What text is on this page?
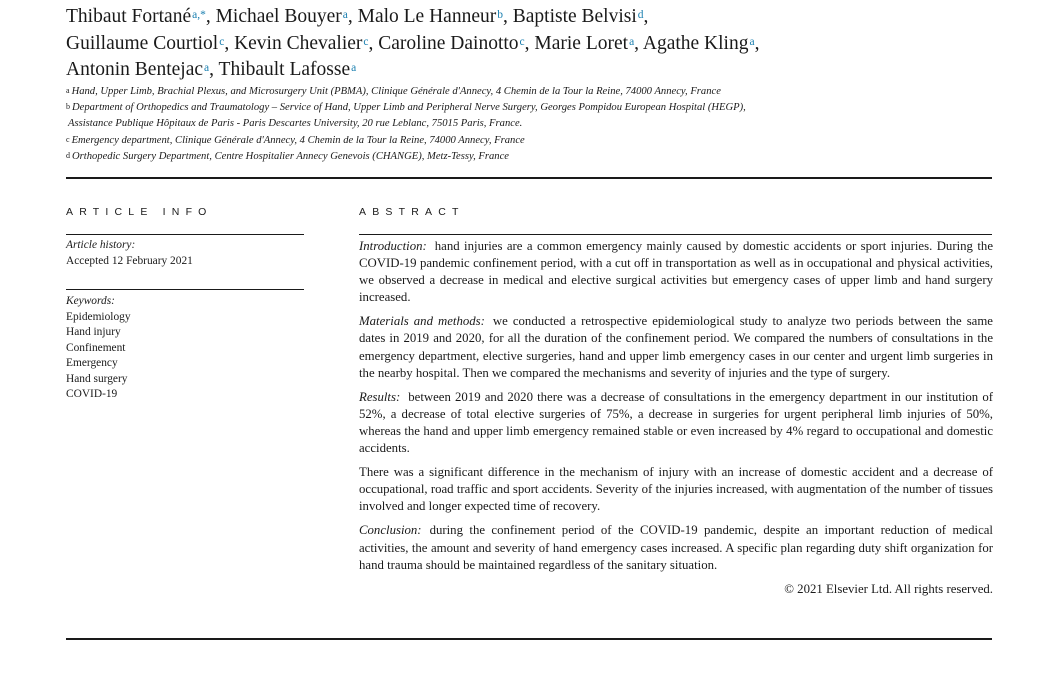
Thibaut Fortané$^{a,*}$, Michael Bouyer$^a$, Malo Le Hanneur$^b$, Baptiste Belvisi$^d$,
Guillaume Courtiol$^c$, Kevin Chevalier$^c$, Caroline Dainotto$^c$, Marie Loret$^a$, Agathe Kling$^a$,
Antonin Bentejac$^a$, Thibault Lafosse$^a$
$^a$ Hand, Upper Limb, Brachial Plexus, and Microsurgery Unit (PBMA), Clinique Générale d'Annecy, 4 Chemin de la Tour la Reine, 74000 Annecy, France
$^b$ Department of Orthopedics and Traumatology – Service of Hand, Upper Limb and Peripheral Nerve Surgery, Georges Pompidou European Hospital (HEGP),
Assistance Publique Hôpitaux de Paris - Paris Descartes University, 20 rue Leblanc, 75015 Paris, France.
$^c$ Emergency department, Clinique Générale d'Annecy, 4 Chemin de la Tour la Reine, 74000 Annecy, France
$^d$ Orthopedic Surgery Department, Centre Hospitalier Annecy Genevois (CHANGE), Metz-Tessy, France
ARTICLE INFO
Article history:
Accepted 12 February 2021
Keywords:
Epidemiology
Hand injury
Confinement
Emergency
Hand surgery
COVID-19
ABSTRACT

Introduction: hand injuries are a common emergency mainly caused by domestic accidents or sport injuries. During the COVID-19 pandemic confinement period, with a cut off in transportation as well as in occupational and physical activities, we observed a decrease in medical and elective surgical activities but emergency cases of upper limb and hand surgery increased.

Materials and methods: we conducted a retrospective epidemiological study to analyze two periods between the same dates in 2019 and 2020, for all the duration of the confinement period. We compared the numbers of consultations in the emergency department, elective surgeries, hand and upper limb emergency cases in our center and urgent limb surgeries in the nearby hospital. Then we compared the mechanisms and severity of injuries and the type of surgery.

Results: between 2019 and 2020 there was a decrease of consultations in the emergency department in our institution of 52%, a decrease of total elective surgeries of 75%, a decrease in surgeries for urgent peripheral limb injuries of 50%, whereas the hand and upper limb emergency remained stable or even increased by 4% regard to occupational and domestic accidents.

There was a significant difference in the mechanism of injury with an increase of domestic accident and a decrease of occupational, road traffic and sport accidents. Severity of the injuries increased, with augmentation of the number of tissues involved and longer expected time of recovery.

Conclusion: during the confinement period of the COVID-19 pandemic, despite an important reduction of medical activities, the amount and severity of hand emergency cases increased. A specific plan regarding duty shift organization for hand trauma should be maintained regardless of the sanitary situation.

© 2021 Elsevier Ltd. All rights reserved.
